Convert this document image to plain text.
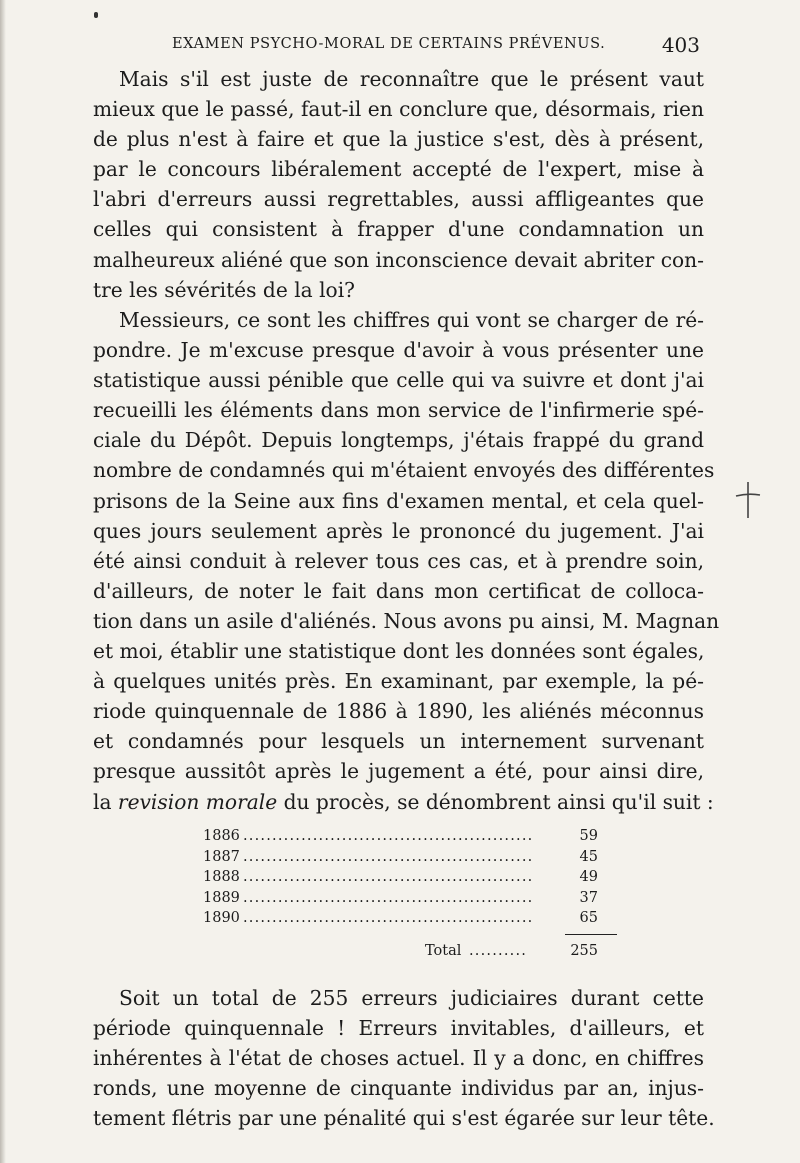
EXAMEN PSYCHO-MORAL DE CERTAINS PRÉVENUS.	403
Mais s'il est juste de reconnaître que le présent vaut
mieux que le passé, faut-il en conclure que, désormais, rien
de plus n'est à faire et que la justice s'est, dès à présent,
par le concours libéralement accepté de l'expert, mise à
l'abri d'erreurs aussi regrettables, aussi affligeantes que
celles qui consistent à frapper d'une condamnation un
malheureux aliéné que son inconscience devait abriter con-
tre les sévérités de la loi?
Messieurs, ce sont les chiffres qui vont se charger de ré-
pondre. Je m'excuse presque d'avoir à vous présenter une
statistique aussi pénible que celle qui va suivre et dont j'ai
recueilli les éléments dans mon service de l'infirmerie spé-
ciale du Dépôt. Depuis longtemps, j'étais frappé du grand
nombre de condamnés qui m'étaient envoyés des différentes
prisons de la Seine aux fins d'examen mental, et cela quel-
ques jours seulement après le prononcé du jugement. J'ai
été ainsi conduit à relever tous ces cas, et à prendre soin,
d'ailleurs, de noter le fait dans mon certificat de colloca-
tion dans un asile d'aliénés. Nous avons pu ainsi, M. Magnan
et moi, établir une statistique dont les données sont égales,
à quelques unités près. En examinant, par exemple, la pé-
riode quinquennale de 1886 à 1890, les aliénés méconnus
et condamnés pour lesquels un internement survenant
presque aussitôt après le jugement a été, pour ainsi dire,
la revision morale du procès, se dénombrent ainsi qu'il suit :
1886 ..................................................	59
1887 ..................................................	45
1888 ..................................................	49
1889 ..................................................	37
1890 ..................................................	65
Total ..........	255
Soit un total de 255 erreurs judiciaires durant cette
période quinquennale ! Erreurs invitables, d'ailleurs, et
inhérentes à l'état de choses actuel. Il y a donc, en chiffres
ronds, une moyenne de cinquante individus par an, injus-
tement flétris par une pénalité qui s'est égarée sur leur tête.
